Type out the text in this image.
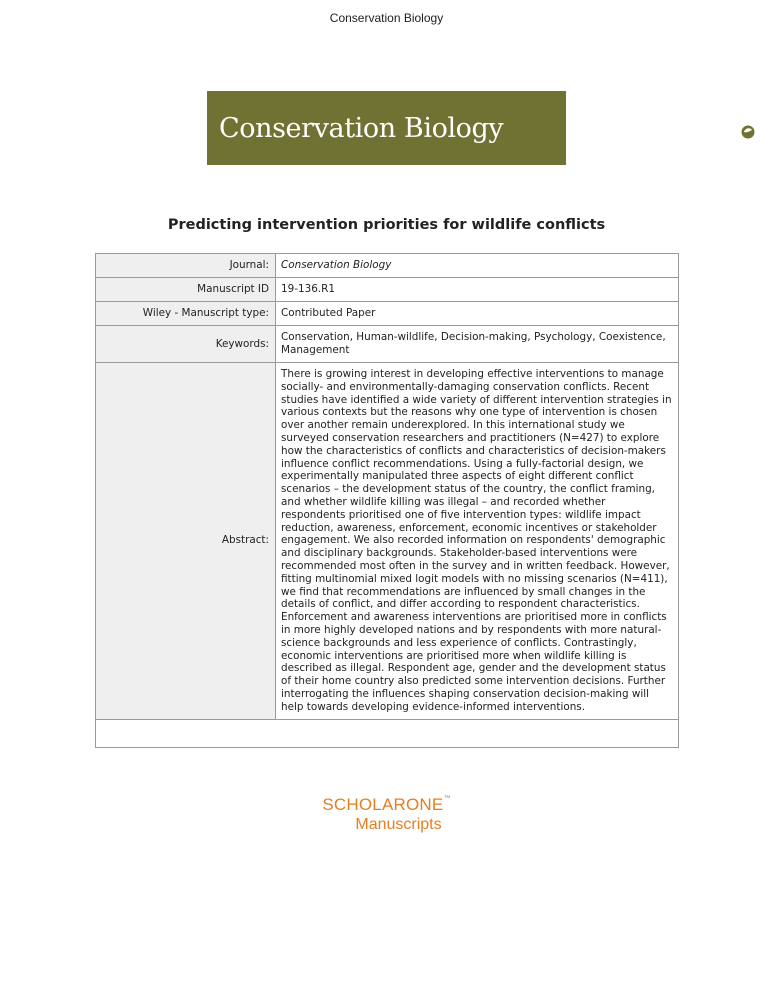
Conservation Biology
Conservation Biology
Predicting intervention priorities for wildlife conflicts
Journal:	Conservation Biology
Manuscript ID	19-136.R1
Wiley - Manuscript type:	Contributed Paper
Keywords:	Conservation, Human-wildlife, Decision-making, Psychology, Coexistence, Management

Abstract:	There is growing interest in developing effective interventions to manage socially- and environmentally-damaging conservation conflicts. Recent studies have identified a wide variety of different intervention strategies in various contexts but the reasons why one type of intervention is chosen over another remain underexplored. In this international study we surveyed conservation researchers and practitioners (N=427) to explore how the characteristics of conflicts and characteristics of decision-makers influence conflict recommendations. Using a fully-factorial design, we experimentally manipulated three aspects of eight different conflict scenarios – the development status of the country, the conflict framing, and whether wildlife killing was illegal – and recorded whether respondents prioritised one of five intervention types: wildlife impact reduction, awareness, enforcement, economic incentives or stakeholder engagement. We also recorded information on respondents' demographic and disciplinary backgrounds. Stakeholder-based interventions were recommended most often in the survey and in written feedback. However, fitting multinomial mixed logit models with no missing scenarios (N=411), we find that recommendations are influenced by small changes in the details of conflict, and differ according to respondent characteristics. Enforcement and awareness interventions are prioritised more in conflicts in more highly developed nations and by respondents with more natural-science backgrounds and less experience of conflicts. Contrastingly, economic interventions are prioritised more when wildlife killing is described as illegal. Respondent age, gender and the development status of their home country also predicted some intervention decisions. Further interrogating the influences shaping conservation decision-making will help towards developing evidence-informed interventions.

SCHOLARONE™
Manuscripts
